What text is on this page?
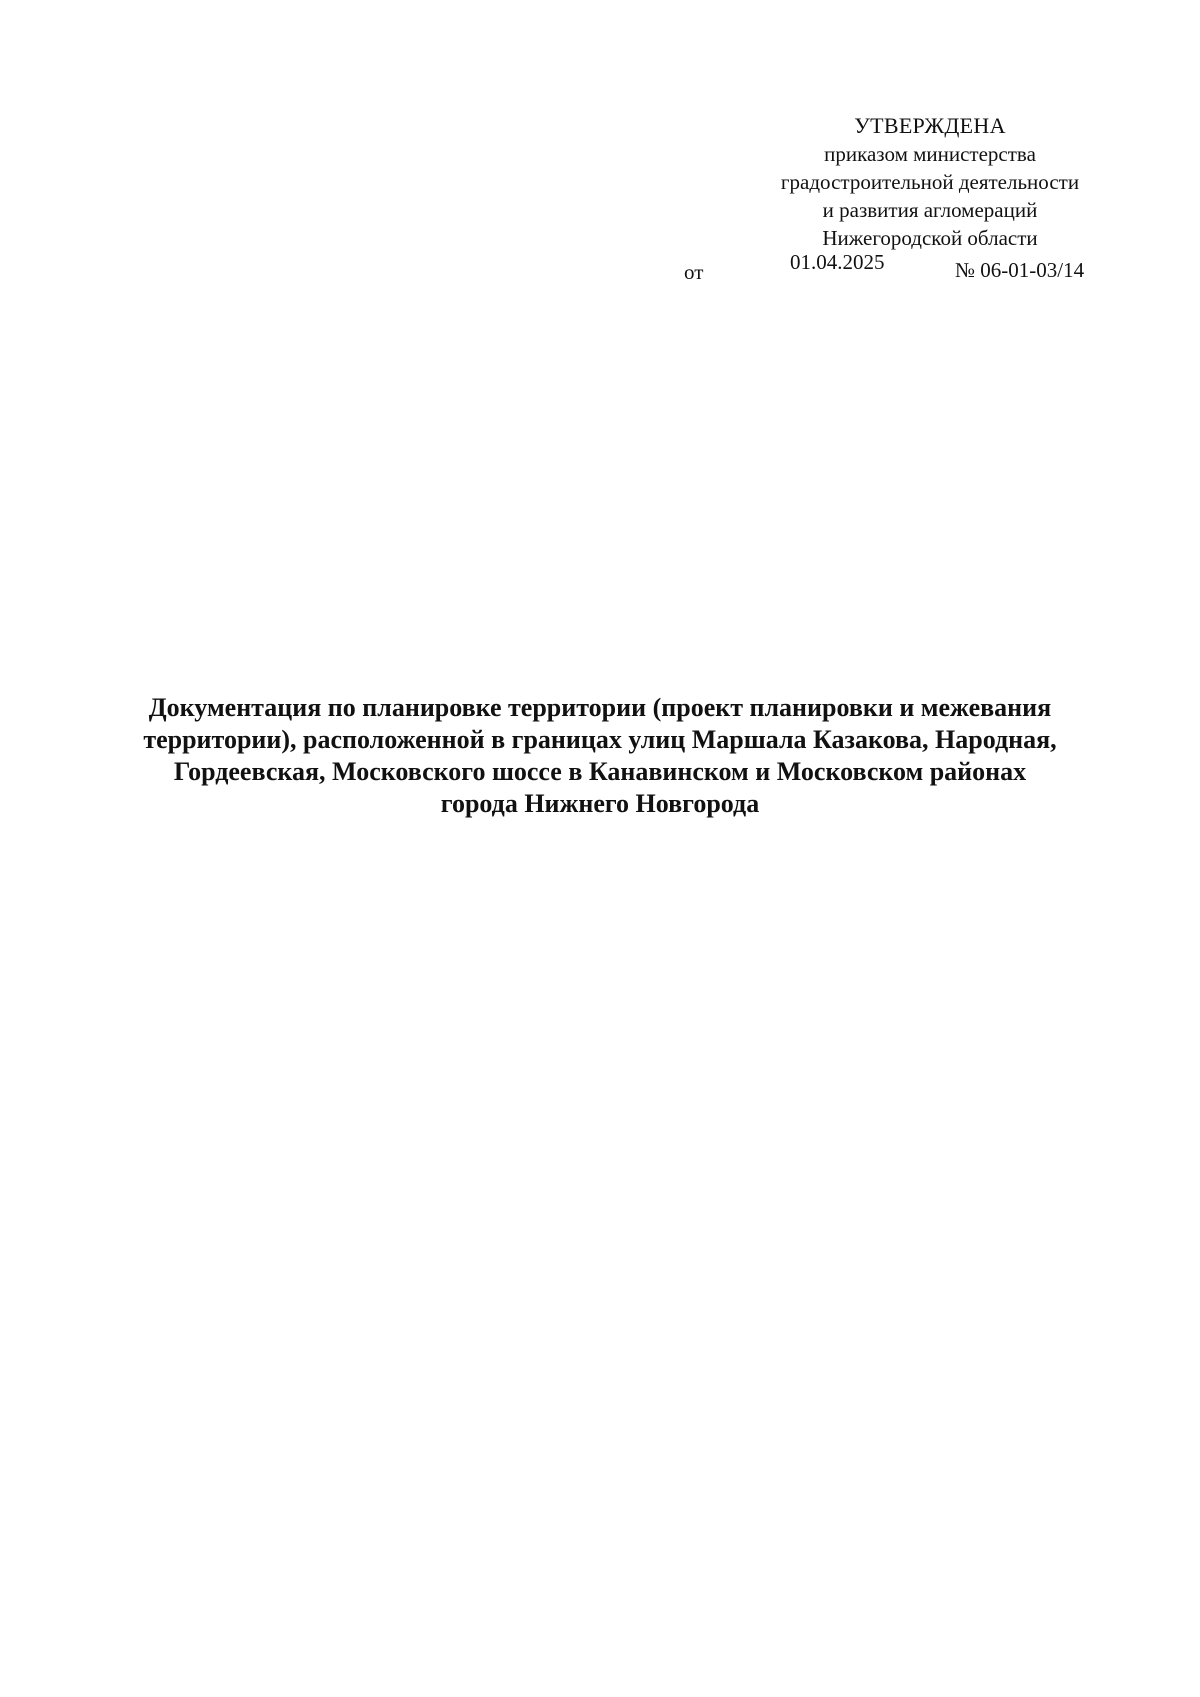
УТВЕРЖДЕНА
приказом министерства
градостроительной деятельности
и развития агломераций
Нижегородской области
от	01.04.2025	№ 06-01-03/14
Документация по планировке территории (проект планировки и межевания
территории), расположенной в границах улиц Маршала Казакова, Народная,
Гордеевская, Московского шоссе в Канавинском и Московском районах
города Нижнего Новгорода
